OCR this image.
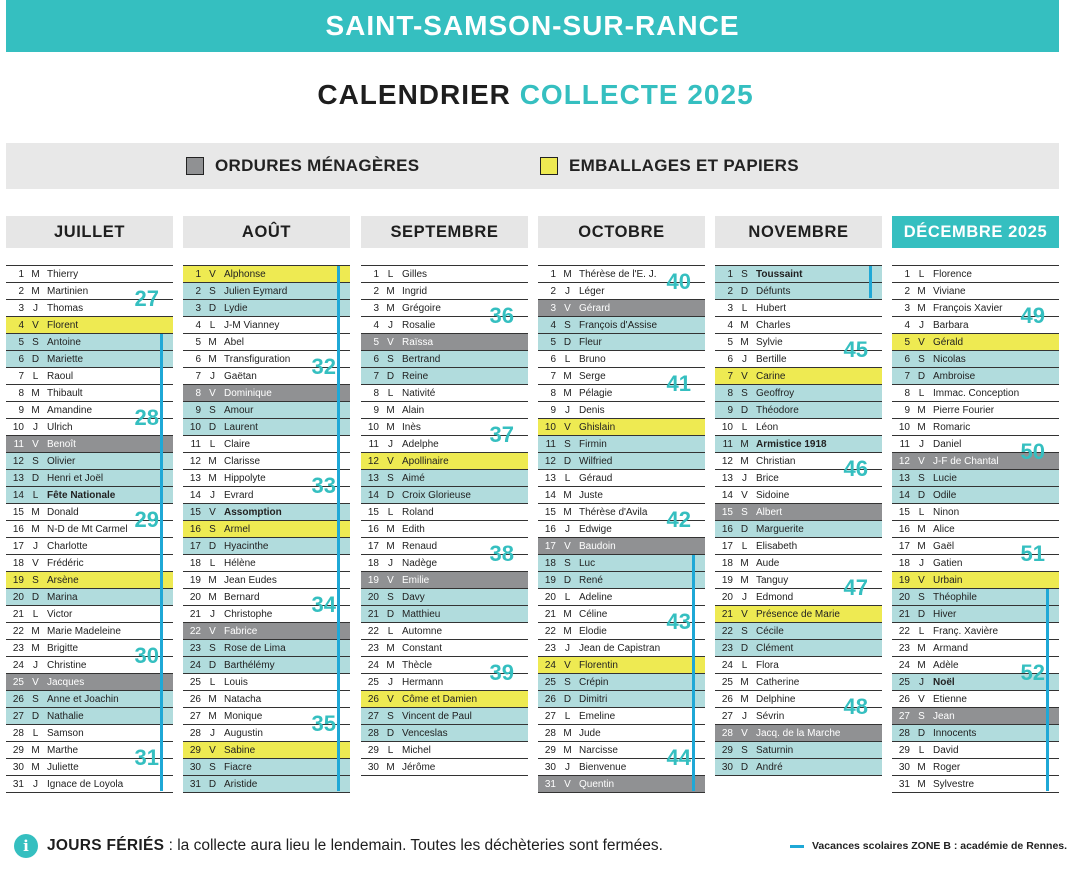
SAINT-SAMSON-SUR-RANCE
CALENDRIER COLLECTE 2025
ORDURES MÉNAGÈRES	EMBALLAGES ET PAPIERS
JUILLET
1 M Thierry
2 M Martinien
3 J Thomas
4 V Florent
5 S Antoine
6 D Mariette
7 L Raoul
8 M Thibault
9 M Amandine
10 J Ulrich
11 V Benoît
12 S Olivier
13 D Henri et Joël
14 L Fête Nationale
15 M Donald
16 M N-D de Mt Carmel
17 J Charlotte
18 V Frédéric
19 S Arsène
20 D Marina
21 L Victor
22 M Marie Madeleine
23 M Brigitte
24 J Christine
25 V Jacques
26 S Anne et Joachin
27 D Nathalie
28 L Samson
29 M Marthe
30 M Juliette
31 J Ignace de Loyola
27
28
29
30
31
AOÛT
1 V Alphonse
2 S Julien Eymard
3 D Lydie
4 L J-M Vianney
5 M Abel
6 M Transfiguration
7 J Gaëtan
8 V Dominique
9 S Amour
10 D Laurent
11 L Claire
12 M Clarisse
13 M Hippolyte
14 J Evrard
15 V Assomption
16 S Armel
17 D Hyacinthe
18 L Hélène
19 M Jean Eudes
20 M Bernard
21 J Christophe
22 V Fabrice
23 S Rose de Lima
24 D Barthélémy
25 L Louis
26 M Natacha
27 M Monique
28 J Augustin
29 V Sabine
30 S Fiacre
31 D Aristide
32
33
34
35
SEPTEMBRE
1 L Gilles
2 M Ingrid
3 M Grégoire
4 J Rosalie
5 V Raïssa
6 S Bertrand
7 D Reine
8 L Nativité
9 M Alain
10 M Inès
11 J Adelphe
12 V Apollinaire
13 S Aimé
14 D Croix Glorieuse
15 L Roland
16 M Édith
17 M Renaud
18 J Nadège
19 V Emilie
20 S Davy
21 D Matthieu
22 L Automne
23 M Constant
24 M Thècle
25 J Hermann
26 V Côme et Damien
27 S Vincent de Paul
28 D Venceslas
29 L Michel
30 M Jérôme
36
37
38
39
OCTOBRE
1 M Thérèse de l'E. J.
2 J Léger
3 V Gérard
4 S François d'Assise
5 D Fleur
6 L Bruno
7 M Serge
8 M Pélagie
9 J Denis
10 V Ghislain
11 S Firmin
12 D Wilfried
13 L Géraud
14 M Juste
15 M Thérèse d'Avila
16 J Edwige
17 V Baudoin
18 S Luc
19 D René
20 L Adeline
21 M Céline
22 M Élodie
23 J Jean de Capistran
24 V Florentin
25 S Crépin
26 D Dimitri
27 L Émeline
28 M Jude
29 M Narcisse
30 J Bienvenue
31 V Quentin
40
41
42
43
44
NOVEMBRE
1 S Toussaint
2 D Défunts
3 L Hubert
4 M Charles
5 M Sylvie
6 J Bertille
7 V Carine
8 S Geoffroy
9 D Théodore
10 L Léon
11 M Armistice 1918
12 M Christian
13 J Brice
14 V Sidoine
15 S Albert
16 D Marguerite
17 L Élisabeth
18 M Aude
19 M Tanguy
20 J Edmond
21 V Présence de Marie
22 S Cécile
23 D Clément
24 L Flora
25 M Catherine
26 M Delphine
27 J Sévrin
28 V Jacq. de la Marche
29 S Saturnin
30 D André
45
46
47
48
DÉCEMBRE 2025
1 L Florence
2 M Viviane
3 M François Xavier
4 J Barbara
5 V Gérald
6 S Nicolas
7 D Ambroise
8 L Immac. Conception
9 M Pierre Fourier
10 M Romaric
11 J Daniel
12 V J-F de Chantal
13 S Lucie
14 D Odile
15 L Ninon
16 M Alice
17 M Gaël
18 J Gatien
19 V Urbain
20 S Théophile
21 D Hiver
22 L Franç. Xavière
23 M Armand
24 M Adèle
25 J Noël
26 V Étienne
27 S Jean
28 D Innocents
29 L David
30 M Roger
31 M Sylvestre
49
50
51
52
i	JOURS FÉRIÉS : la collecte aura lieu le lendemain. Toutes les déchèteries sont fermées.	Vacances scolaires ZONE B : académie de Rennes.
